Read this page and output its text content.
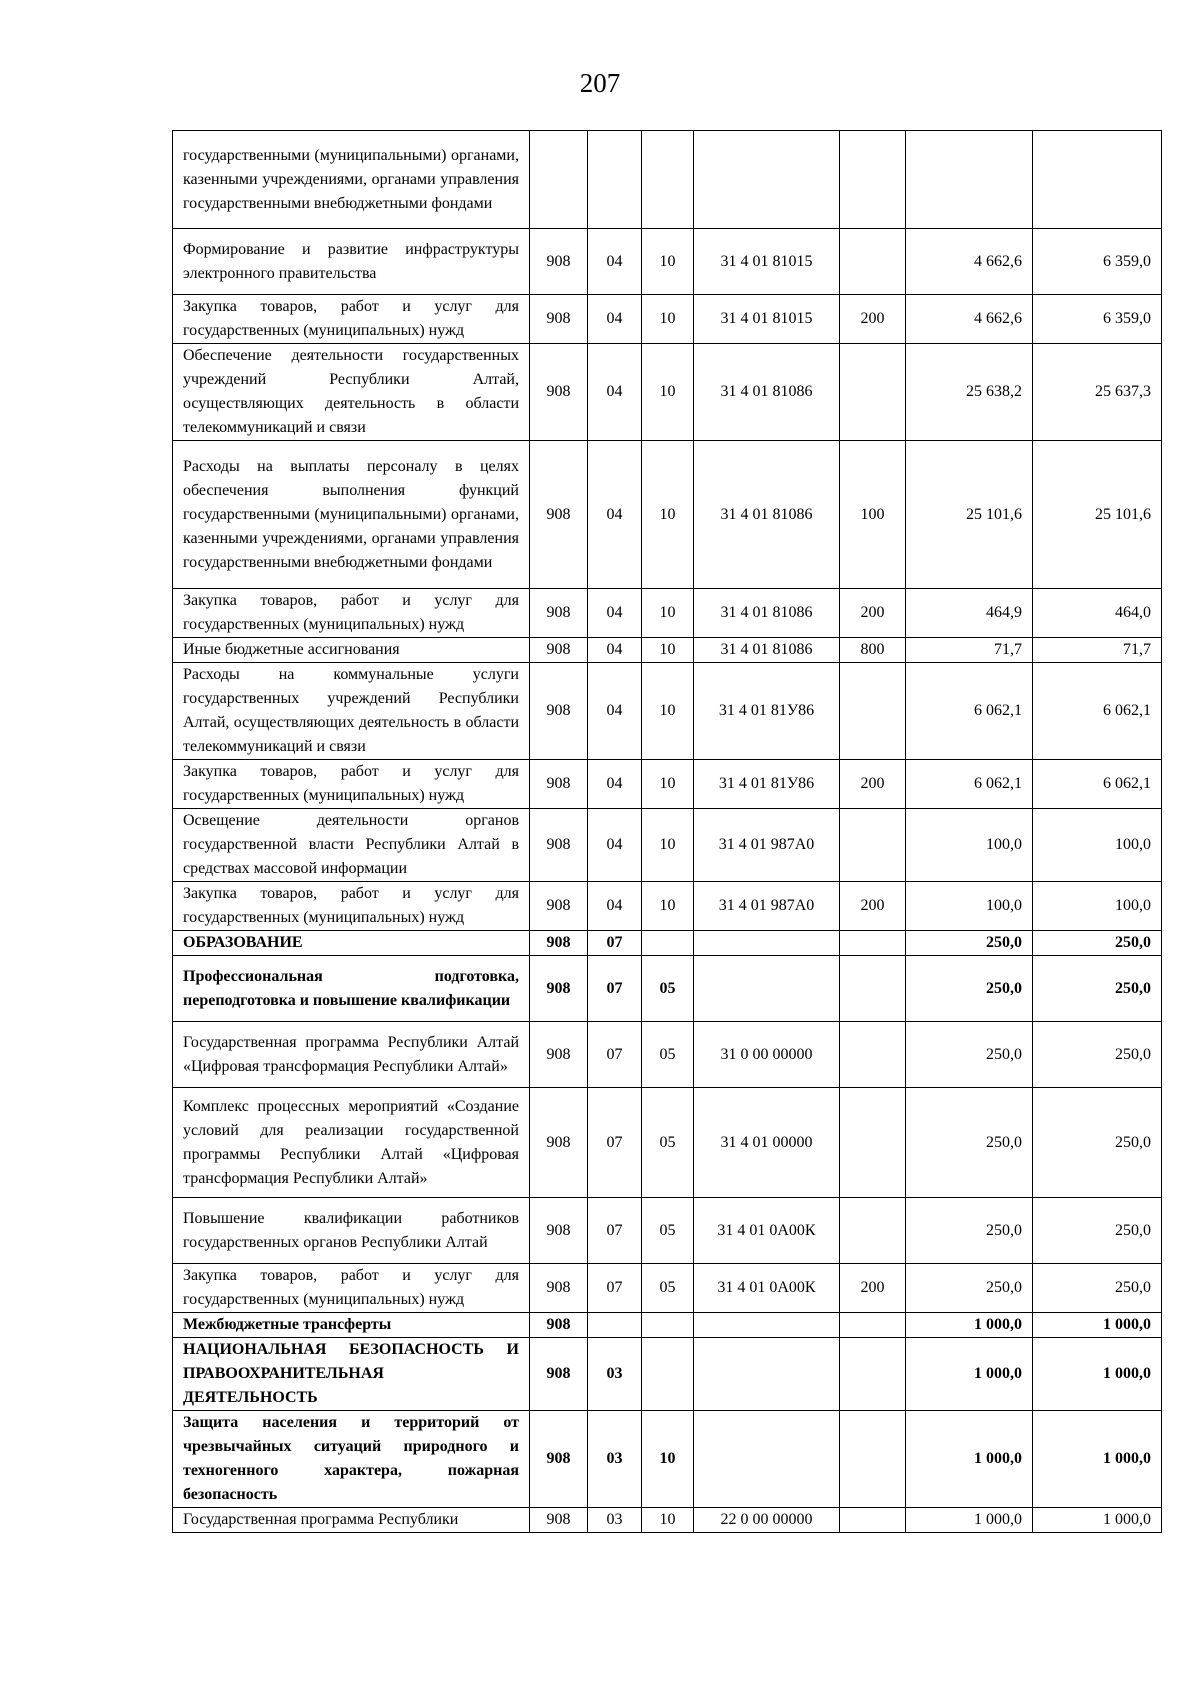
207
государственными (муниципальными) органами, казенными учреждениями, органами управления государственными внебюджетными фондами							
Формирование и развитие инфраструктуры электронного правительства	908	04	10	31 4 01 81015		4 662,6	6 359,0
Закупка товаров, работ и услуг для государственных (муниципальных) нужд	908	04	10	31 4 01 81015	200	4 662,6	6 359,0
Обеспечение деятельности государственных учреждений Республики Алтай, осуществляющих деятельность в области телекоммуникаций и связи	908	04	10	31 4 01 81086		25 638,2	25 637,3
Расходы на выплаты персоналу в целях обеспечения выполнения функций государственными (муниципальными) органами, казенными учреждениями, органами управления государственными внебюджетными фондами	908	04	10	31 4 01 81086	100	25 101,6	25 101,6
Закупка товаров, работ и услуг для государственных (муниципальных) нужд	908	04	10	31 4 01 81086	200	464,9	464,0
Иные бюджетные ассигнования	908	04	10	31 4 01 81086	800	71,7	71,7
Расходы на коммунальные услуги государственных учреждений Республики Алтай, осуществляющих деятельность в области телекоммуникаций и связи	908	04	10	31 4 01 81У86		6 062,1	6 062,1
Закупка товаров, работ и услуг для государственных (муниципальных) нужд	908	04	10	31 4 01 81У86	200	6 062,1	6 062,1
Освещение деятельности органов государственной власти Республики Алтай в средствах массовой информации	908	04	10	31 4 01 987А0		100,0	100,0
Закупка товаров, работ и услуг для государственных (муниципальных) нужд	908	04	10	31 4 01 987А0	200	100,0	100,0
ОБРАЗОВАНИЕ	908	07				250,0	250,0
Профессиональная подготовка, переподготовка и повышение квалификации	908	07	05			250,0	250,0
Государственная программа Республики Алтай «Цифровая трансформация Республики Алтай»	908	07	05	31 0 00 00000		250,0	250,0
Комплекс процессных мероприятий «Создание условий для реализации государственной программы Республики Алтай «Цифровая трансформация Республики Алтай»	908	07	05	31 4 01 00000		250,0	250,0
Повышение квалификации работников государственных органов Республики Алтай	908	07	05	31 4 01 0А00К		250,0	250,0
Закупка товаров, работ и услуг для государственных (муниципальных) нужд	908	07	05	31 4 01 0А00К	200	250,0	250,0
Межбюджетные трансферты	908					1 000,0	1 000,0
НАЦИОНАЛЬНАЯ БЕЗОПАСНОСТЬ И ПРАВООХРАНИТЕЛЬНАЯ ДЕЯТЕЛЬНОСТЬ	908	03				1 000,0	1 000,0
Защита населения и территорий от чрезвычайных ситуаций природного и техногенного характера, пожарная безопасность	908	03	10			1 000,0	1 000,0
Государственная программа Республики	908	03	10	22 0 00 00000		1 000,0	1 000,0
